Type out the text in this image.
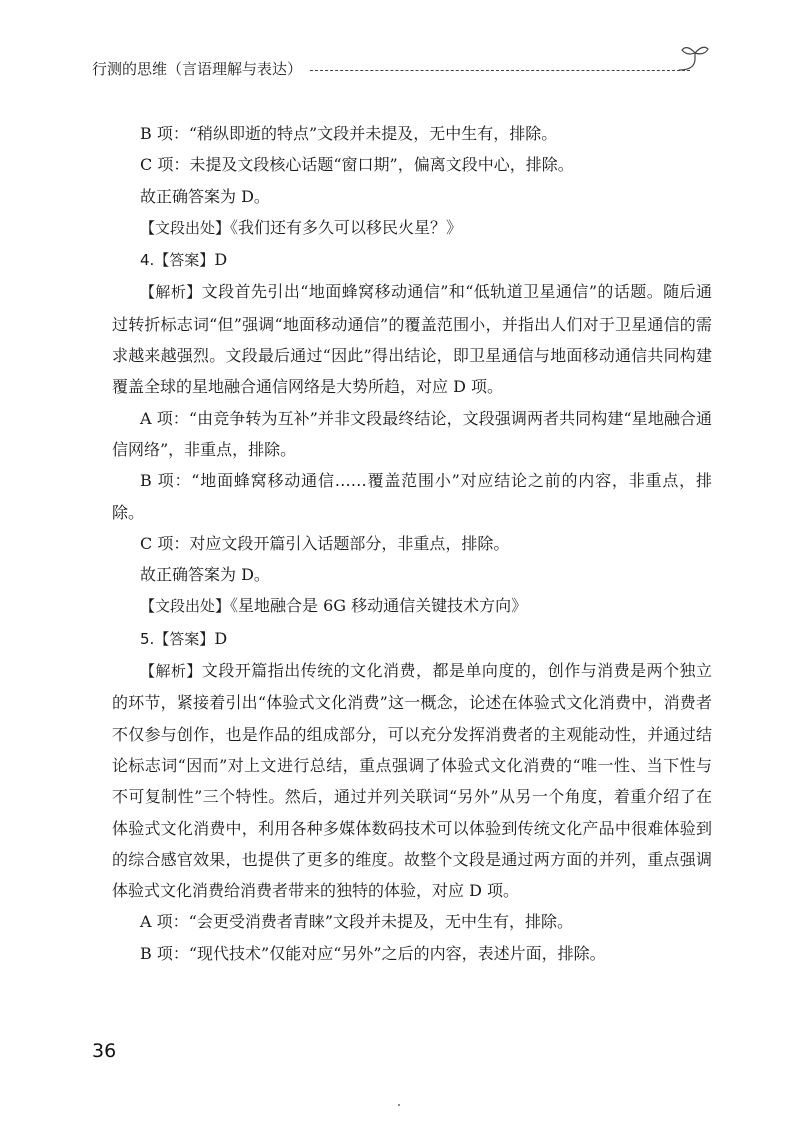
行测的思维（言语理解与表达）

B 项：“稍纵即逝的特点”文段并未提及，无中生有，排除。

C 项：未提及文段核心话题“窗口期”，偏离文段中心，排除。

故正确答案为 D。

【文段出处】《我们还有多久可以移民火星？》

4.【答案】D

【解析】文段首先引出“地面蜂窝移动通信”和“低轨道卫星通信”的话题。随后通过转折标志词“但”强调“地面移动通信”的覆盖范围小，并指出人们对于卫星通信的需求越来越强烈。文段最后通过“因此”得出结论，即卫星通信与地面移动通信共同构建覆盖全球的星地融合通信网络是大势所趋，对应 D 项。

A 项：“由竞争转为互补”并非文段最终结论，文段强调两者共同构建“星地融合通信网络”，非重点，排除。

B 项：“地面蜂窝移动通信……覆盖范围小”对应结论之前的内容，非重点，排除。

C 项：对应文段开篇引入话题部分，非重点，排除。

故正确答案为 D。

【文段出处】《星地融合是 6G 移动通信关键技术方向》

5.【答案】D

【解析】文段开篇指出传统的文化消费，都是单向度的，创作与消费是两个独立的环节，紧接着引出“体验式文化消费”这一概念，论述在体验式文化消费中，消费者不仅参与创作，也是作品的组成部分，可以充分发挥消费者的主观能动性，并通过结论标志词“因而”对上文进行总结，重点强调了体验式文化消费的“唯一性、当下性与不可复制性”三个特性。然后，通过并列关联词“另外”从另一个角度，着重介绍了在体验式文化消费中，利用各种多媒体数码技术可以体验到传统文化产品中很难体验到的综合感官效果，也提供了更多的维度。故整个文段是通过两方面的并列，重点强调体验式文化消费给消费者带来的独特的体验，对应 D 项。

A 项：“会更受消费者青睐”文段并未提及，无中生有，排除。

B 项：“现代技术”仅能对应“另外”之后的内容，表述片面，排除。

36
